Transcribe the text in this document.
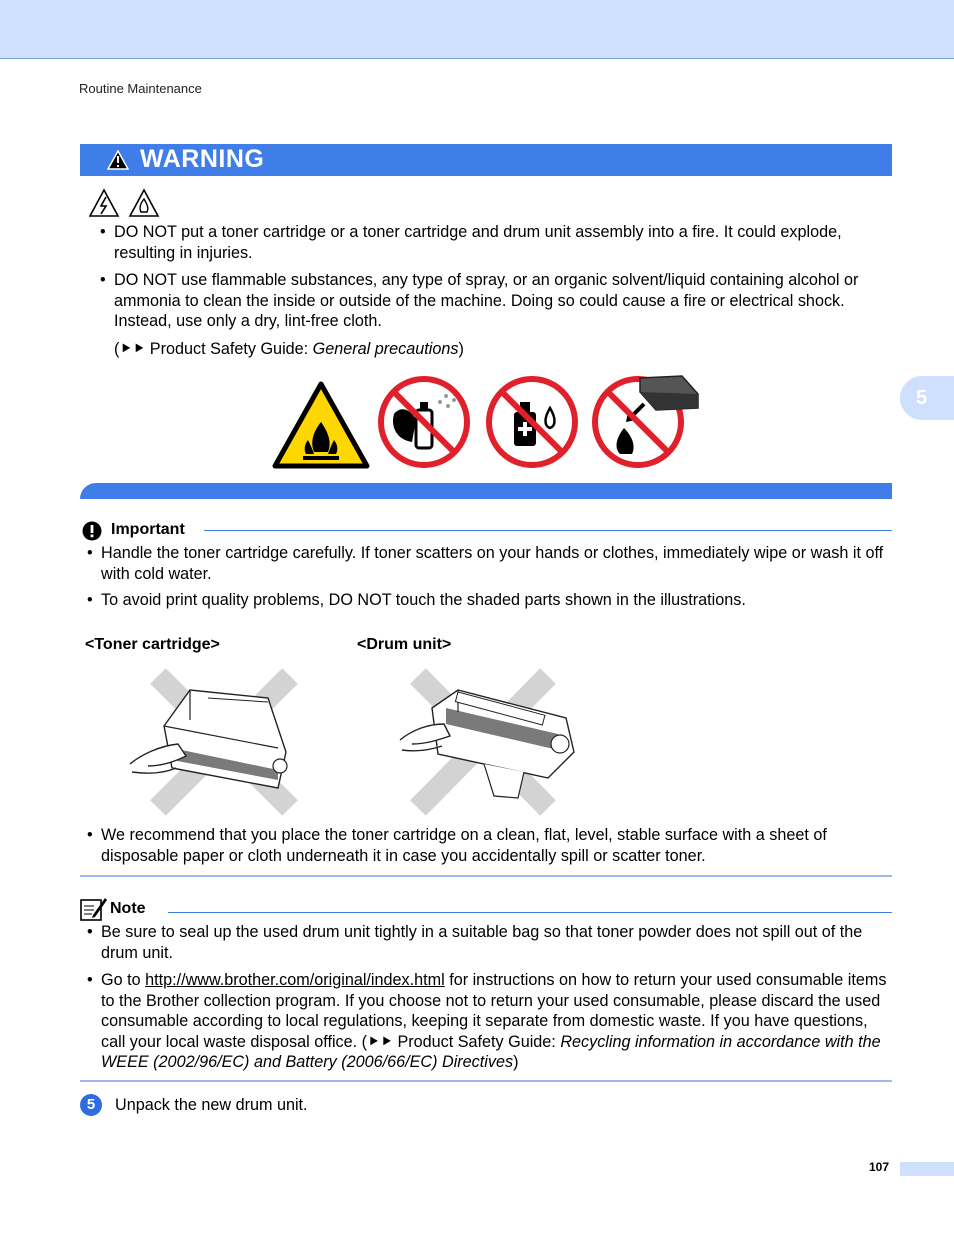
Routine Maintenance
5
WARNING
• DO NOT put a toner cartridge or a toner cartridge and drum unit assembly into a fire. It could explode, resulting in injuries.
• DO NOT use flammable substances, any type of spray, or an organic solvent/liquid containing alcohol or ammonia to clean the inside or outside of the machine. Doing so could cause a fire or electrical shock. Instead, use only a dry, lint-free cloth.
(⯈⯈ Product Safety Guide: General precautions)
Important
• Handle the toner cartridge carefully. If toner scatters on your hands or clothes, immediately wipe or wash it off with cold water.
• To avoid print quality problems, DO NOT touch the shaded parts shown in the illustrations.
<Toner cartridge>	<Drum unit>
• We recommend that you place the toner cartridge on a clean, flat, level, stable surface with a sheet of disposable paper or cloth underneath it in case you accidentally spill or scatter toner.
Note
• Be sure to seal up the used drum unit tightly in a suitable bag so that toner powder does not spill out of the drum unit.
• Go to http://www.brother.com/original/index.html for instructions on how to return your used consumable items to the Brother collection program. If you choose not to return your used consumable, please discard the used consumable according to local regulations, keeping it separate from domestic waste. If you have questions, call your local waste disposal office. (⯈⯈ Product Safety Guide: Recycling information in accordance with the WEEE (2002/96/EC) and Battery (2006/66/EC) Directives)
5	Unpack the new drum unit.
107
